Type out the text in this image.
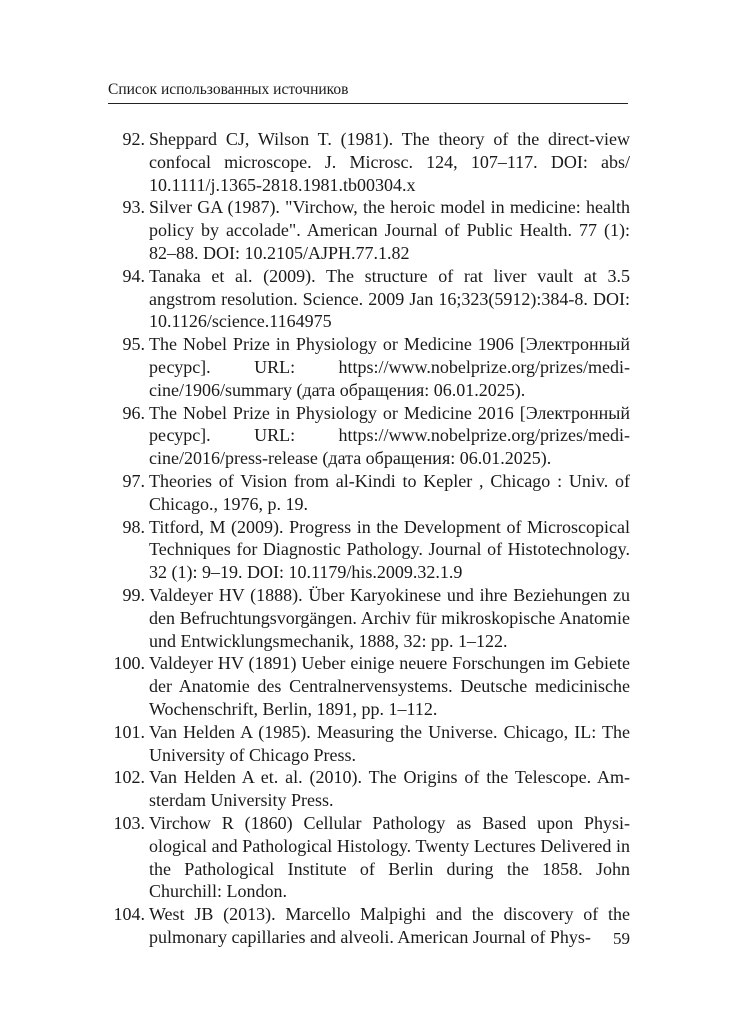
Список использованных источников
92. Sheppard CJ, Wilson T. (1981). The theory of the direct-view confocal microscope. J. Microsc. 124, 107–117. DOI: abs/ 10.1111/j.1365-2818.1981.tb00304.x
93. Silver GA (1987). "Virchow, the heroic model in medicine: health policy by accolade". American Journal of Public Health. 77 (1): 82–88. DOI: 10.2105/AJPH.77.1.82
94. Tanaka et al. (2009). The structure of rat liver vault at 3.5 angstrom resolution. Science. 2009 Jan 16;323(5912):384-8. DOI: 10.1126/science.1164975
95. The Nobel Prize in Physiology or Medicine 1906 [Электронный ресурс]. URL: https://www.nobelprize.org/prizes/medicine/1906/summary (дата обращения: 06.01.2025).
96. The Nobel Prize in Physiology or Medicine 2016 [Электронный ресурс]. URL: https://www.nobelprize.org/prizes/medicine/2016/press-release (дата обращения: 06.01.2025).
97. Theories of Vision from al-Kindi to Kepler , Chicago : Univ. of Chicago., 1976, p. 19.
98. Titford, M (2009). Progress in the Development of Microscopical Techniques for Diagnostic Pathology. Journal of Histotechnology. 32 (1): 9–19. DOI: 10.1179/his.2009.32.1.9
99. Valdeyer HV (1888). Über Karyokinese und ihre Beziehungen zu den Befruchtungsvorgängen. Archiv für mikroskopische Anatomie und Entwicklungsmechanik, 1888, 32: pp. 1–122.
100. Valdeyer HV (1891) Ueber einige neuere Forschungen im Gebiete der Anatomie des Centralnervensystems. Deutsche medicinische Wochenschrift, Berlin, 1891, pp. 1–112.
101. Van Helden A (1985). Measuring the Universe. Chicago, IL: The University of Chicago Press.
102. Van Helden A et. al. (2010). The Origins of the Telescope. Amsterdam University Press.
103. Virchow R (1860) Cellular Pathology as Based upon Physiological and Pathological Histology. Twenty Lectures Delivered in the Pathological Institute of Berlin during the 1858. John Churchill: London.
104. West JB (2013). Marcello Malpighi and the discovery of the pulmonary capillaries and alveoli. American Journal of Phys-	59
